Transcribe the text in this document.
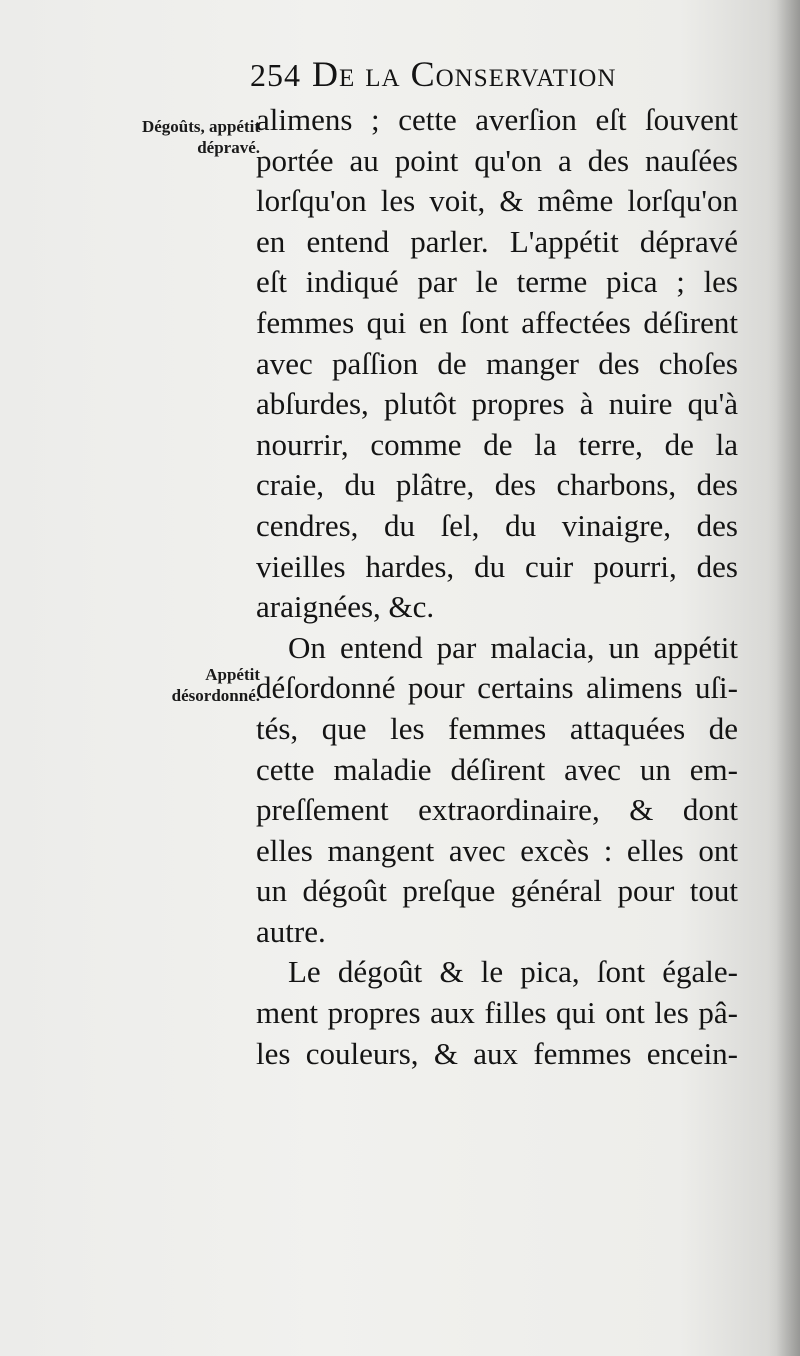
254 De la Conservation
Dégoûts, appétit dépravé.
Appétit désordonné.
alimens ; cette averſion eſt ſouvent
portée au point qu'on a des nauſées
lorſqu'on les voit, & même lorſqu'on
en entend parler. L'appétit dépravé
eſt indiqué par le terme pica ; les
femmes qui en ſont affectées déſirent
avec paſſion de manger des choſes
abſurdes, plutôt propres à nuire qu'à
nourrir, comme de la terre, de la
craie, du plâtre, des charbons, des
cendres, du ſel, du vinaigre, des
vieilles hardes, du cuir pourri, des
araignées, &c.
On entend par malacia, un appétit
déſordonné pour certains alimens uſi-
tés, que les femmes attaquées de
cette maladie déſirent avec un em-
preſſement extraordinaire, & dont
elles mangent avec excès : elles ont
un dégoût preſque général pour tout
autre.
Le dégoût & le pica, ſont égale-
ment propres aux filles qui ont les pâ-
les couleurs, & aux femmes encein-
